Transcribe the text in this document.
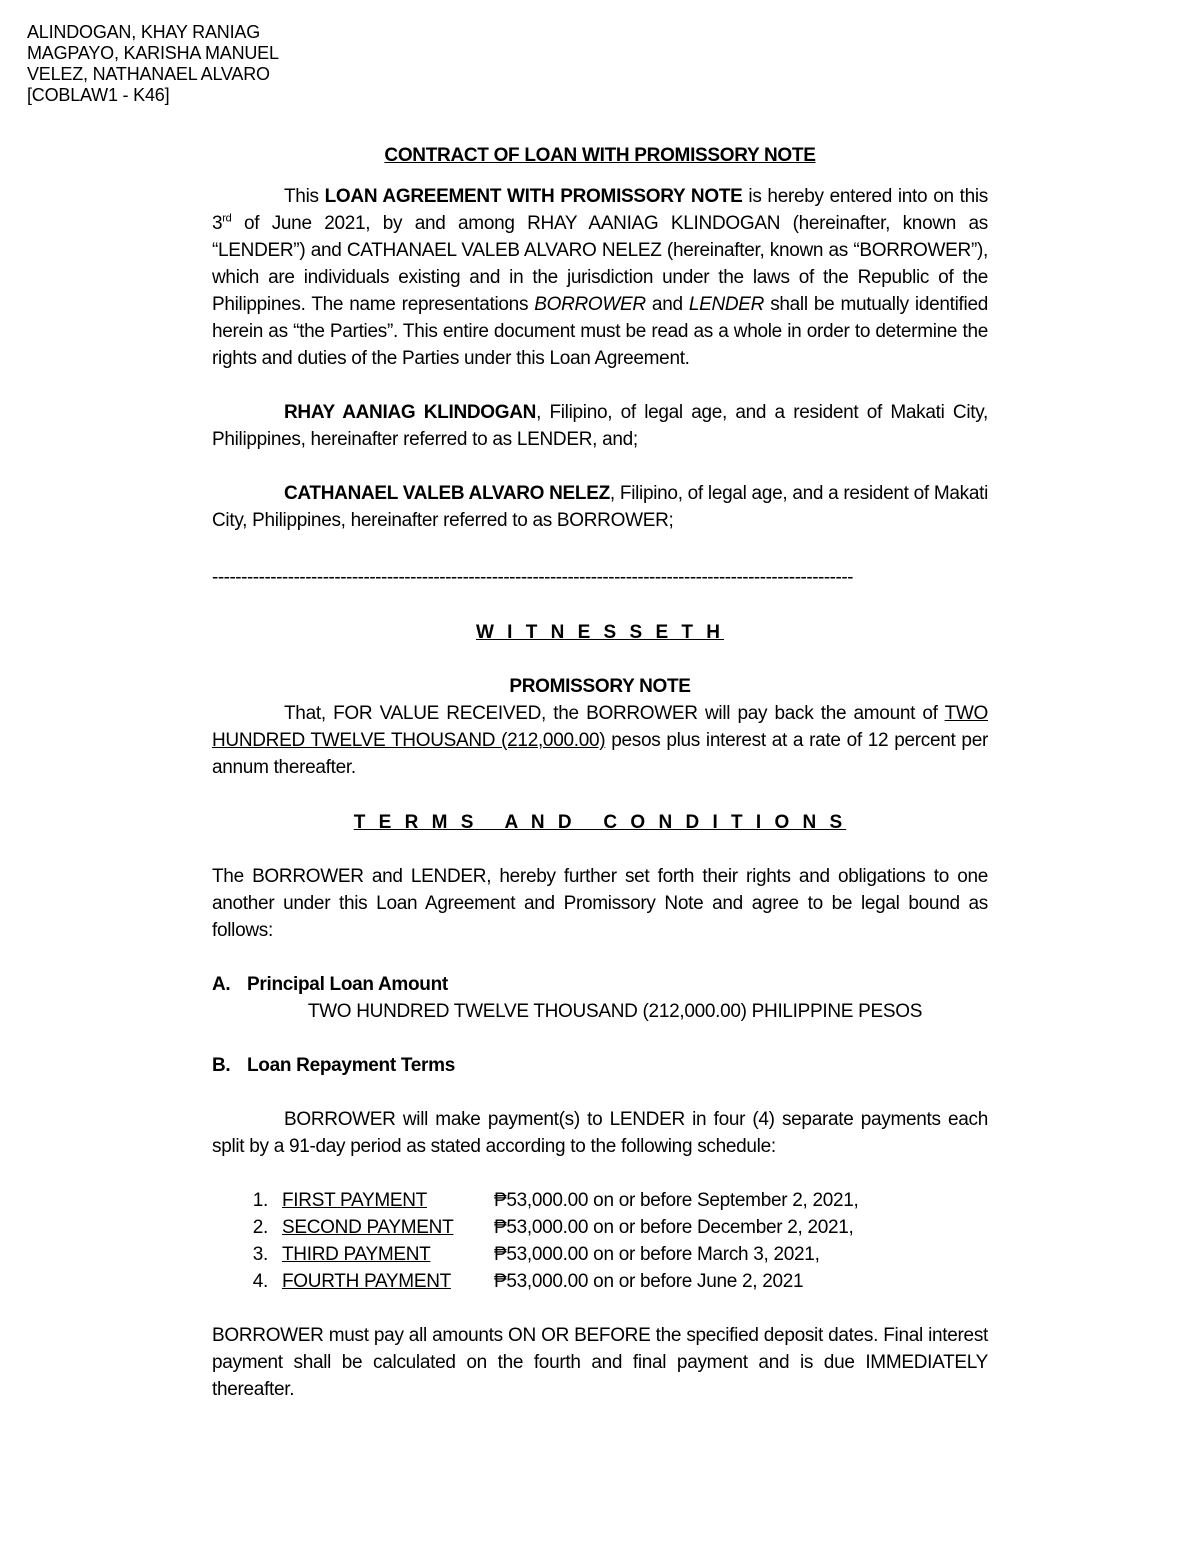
ALINDOGAN, KHAY RANIAG
MAGPAYO, KARISHA MANUEL
VELEZ, NATHANAEL ALVARO
[COBLAW1 - K46]
CONTRACT OF LOAN WITH PROMISSORY NOTE

This LOAN AGREEMENT WITH PROMISSORY NOTE is hereby entered into on this 3rd of June 2021, by and among RHAY AANIAG KLINDOGAN (hereinafter, known as “LENDER”) and CATHANAEL VALEB ALVARO NELEZ (hereinafter, known as “BORROWER”), which are individuals existing and in the jurisdiction under the laws of the Republic of the Philippines. The name representations BORROWER and LENDER shall be mutually identified herein as “the Parties”. This entire document must be read as a whole in order to determine the rights and duties of the Parties under this Loan Agreement.

RHAY AANIAG KLINDOGAN, Filipino, of legal age, and a resident of Makati City, Philippines, hereinafter referred to as LENDER, and;

CATHANAEL VALEB ALVARO NELEZ, Filipino, of legal age, and a resident of Makati City, Philippines, hereinafter referred to as BORROWER;

--------------------------------------------------------------------------------------------------------------

W I T N E S S E T H

PROMISSORY NOTE

That, FOR VALUE RECEIVED, the BORROWER will pay back the amount of TWO HUNDRED TWELVE THOUSAND (212,000.00) pesos plus interest at a rate of 12 percent per annum thereafter.

T E R M S   A N D   C O N D I T I O N S

The BORROWER and LENDER, hereby further set forth their rights and obligations to one another under this Loan Agreement and Promissory Note and agree to be legal bound as follows:

A. Principal Loan Amount

TWO HUNDRED TWELVE THOUSAND (212,000.00) PHILIPPINE PESOS

B. Loan Repayment Terms

BORROWER will make payment(s) to LENDER in four (4) separate payments each split by a 91-day period as stated according to the following schedule:

1. FIRST PAYMENT	₱53,000.00 on or before September 2, 2021,
2. SECOND PAYMENT	₱53,000.00 on or before December 2, 2021,
3. THIRD PAYMENT	₱53,000.00 on or before March 3, 2021,
4. FOURTH PAYMENT	₱53,000.00 on or before June 2, 2021

BORROWER must pay all amounts ON OR BEFORE the specified deposit dates. Final interest payment shall be calculated on the fourth and final payment and is due IMMEDIATELY thereafter.
